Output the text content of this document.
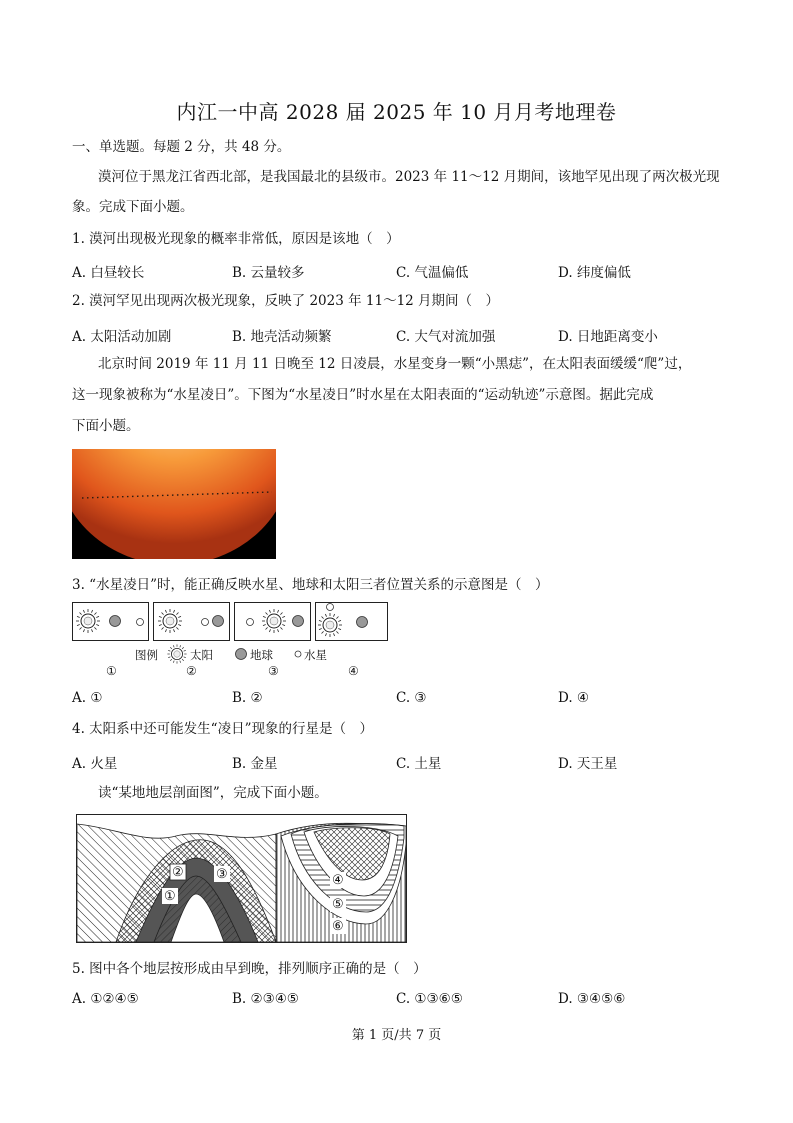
内江一中高 2028 届 2025 年 10 月月考地理卷
一、单选题。每题 2 分，共 48 分。
漠河位于黑龙江省西北部，是我国最北的县级市。2023 年 11～12 月期间，该地罕见出现了两次极光现
象。完成下面小题。
1. 漠河出现极光现象的概率非常低，原因是该地（　）
A. 白昼较长	B. 云量较多	C. 气温偏低	D. 纬度偏低
2. 漠河罕见出现两次极光现象，反映了 2023 年 11～12 月期间（　）
A. 太阳活动加剧	B. 地壳活动频繁	C. 大气对流加强	D. 日地距离变小
北京时间 2019 年 11 月 11 日晚至 12 日凌晨，水星变身一颗“小黑痣”，在太阳表面缓缓“爬”过，
这一现象被称为“水星凌日”。下图为“水星凌日”时水星在太阳表面的“运动轨迹”示意图。据此完成
下面小题。
3. “水星凌日”时，能正确反映水星、地球和太阳三者位置关系的示意图是（　）
图例	太阳	地球	水星
①	②	③	④
A. ①	B. ②	C. ③	D. ④
4. 太阳系中还可能发生“凌日”现象的行星是（　）
A. 火星	B. 金星	C. 土星	D. 天王星
读“某地地层剖面图”，完成下面小题。
② ③
①
④
⑤
⑥
5. 图中各个地层按形成由早到晚，排列顺序正确的是（　）
A. ①②④⑤	B. ②③④⑤	C. ①③⑥⑤	D. ③④⑤⑥
第 1 页/共 7 页
